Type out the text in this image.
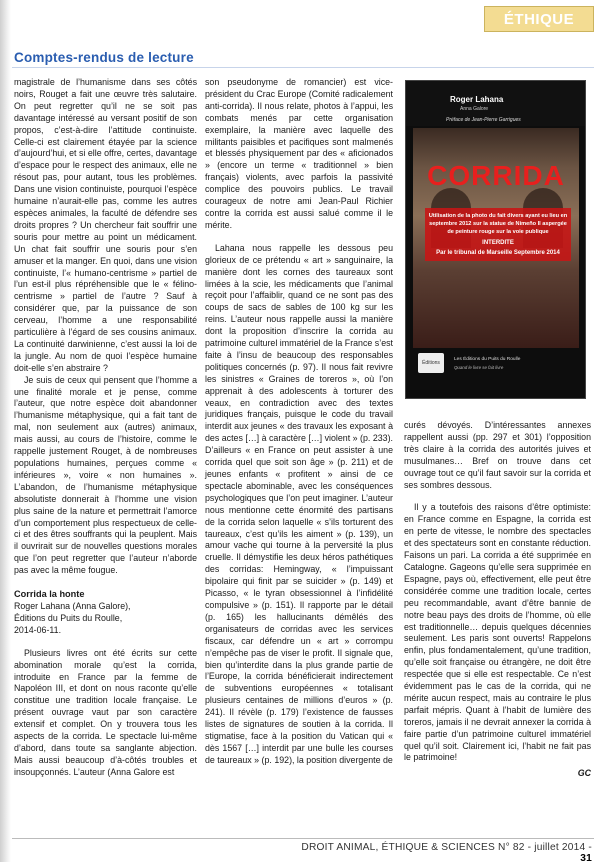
ÉTHIQUE
Comptes-rendus de lecture

magistrale de l’humanisme dans ses côtés noirs, Rouget a fait une œuvre très salutaire. On peut regretter qu’il ne se soit pas davantage intéressé au versant positif de son propos, c’est-à-dire l’attitude continuiste. Celle-ci est clairement étayée par la science d’aujourd’hui, et si elle offre, certes, davantage d’espace pour le respect des animaux, elle ne résout pas, pour autant, tous les problèmes. Dans une vision continuiste, pourquoi l’espèce humaine n’aurait-elle pas, comme les autres espèces animales, la faculté de défendre ses droits propres ? Un chercheur fait souffrir une souris pour mettre au point un médicament. Un chat fait souffrir une souris pour s’en amuser et la manger. En quoi, dans une vision continuiste, l’« humano-centrisme » partiel de l’un est-il plus répréhensible que le « félino-centrisme » partiel de l’autre ? Sauf à considérer que, par la puissance de son cerveau, l’homme a une responsabilité particulière à l’égard de ses cousins animaux. La continuité darwinienne, c’est aussi la loi de la jungle. Au nom de quoi l’espèce humaine doit-elle s’en abstraire ?

Je suis de ceux qui pensent que l’homme a une finalité morale et je pense, comme l’auteur, que notre espèce doit abandonner l’humanisme métaphysique, qui a fait tant de mal, non seulement aux (autres) animaux, mais aussi, au cours de l’histoire, comme le rappelle justement Rouget, à de nombreuses populations humaines, perçues comme « inférieures », voire « non humaines ». L’abandon, de l’humanisme métaphysique absolutiste donnerait à l’homme une vision plus saine de la nature et permettrait l’amorce d’un comportement plus respectueux de celle-ci et des êtres souffrants qui la peuplent. Mais il ouvrirait sur de nouvelles questions morales que l’on peut regretter que l’auteur n’aborde pas avec la même fougue.

Corrida la honte
Roger Lahana (Anna Galore),
Éditions du Puits du Roulle,
2014-06-11.

Plusieurs livres ont été écrits sur cette abomination morale qu’est la corrida, introduite en France par la femme de Napoléon III, et dont on nous raconte qu’elle constitue une tradition locale française. Le présent ouvrage vaut par son caractère extensif et complet. On y trouvera tous les aspects de la corrida. Le spectacle lui-même d’abord, dans toute sa sanglante abjection. Mais aussi beaucoup d’à-côtés troubles et insoupçonnés. L’auteur (Anna Galore est

son pseudonyme de romancier) est vice-président du Crac Europe (Comité radicalement anti-corrida). Il nous relate, photos à l’appui, les combats menés par cette organisation exemplaire, la manière avec laquelle des militants paisibles et pacifiques sont malmenés et blessés physiquement par des « aficionados » (encore un terme « traditionnel » bien français) violents, avec parfois la passivité complice des pouvoirs publics. Le travail courageux de notre ami Jean-Paul Richier contre la corrida est aussi salué comme il le mérite.

Lahana nous rappelle les dessous peu glorieux de ce prétendu « art » sanguinaire, la manière dont les cornes des taureaux sont limées à la scie, les médicaments que l’animal reçoit pour l’affaiblir, quand ce ne sont pas des coups de sacs de sables de 100 kg sur les reins. L’auteur nous rappelle aussi la manière dont la proposition d’inscrire la corrida au patrimoine culturel immatériel de la France s’est faite à l’insu de beaucoup des responsables politiques concernés (p. 97). Il nous fait revivre les sinistres « Graines de toreros », où l’on apprenait à des adolescents à torturer des veaux, en contradiction avec des textes juridiques français, puisque le code du travail interdit aux jeunes « des travaux les exposant à des actes […] à caractère […] violent » (p. 233). D’ailleurs « en France on peut assister à une corrida quel que soit son âge » (p. 211) et de jeunes enfants « profitent » ainsi de ce spectacle abominable, avec les conséquences psychologiques que l’on peut imaginer. L’auteur nous mentionne cette énormité des partisans de la corrida selon laquelle « s’ils torturent des taureaux, c’est qu’ils les aiment » (p. 139), un amour vache qui tourne à la perversité la plus cruelle. Il démystifie les deux héros pathétiques des corridas: Hemingway, « l’impuissant bipolaire qui finit par se suicider » (p. 149) et Picasso, « le tyran obsessionnel à l’infidélité compulsive » (p. 151). Il rapporte par le détail (p. 165) les hallucinants démêlés des organisateurs de corridas avec les services fiscaux, car défendre un « art » corrompu n’empêche pas de viser le profit. Il signale que, bien qu’interdite dans la plus grande partie de l’Europe, la corrida bénéficierait indirectement de subventions européennes « totalisant plusieurs centaines de millions d’euros » (p. 241). Il révèle (p. 179) l’existence de fausses listes de signatures de soutien à la corrida. Il stigmatise, face à la position du Vatican qui « dès 1567 […] interdit par une bulle les courses de taureaux » (p. 192), la position divergente de

Roger Lahana
Anna Galore
Préface de Jean-Pierre Garrigues
CORRIDA
Utilisation de la photo du fait divers ayant eu lieu en septembre 2012 sur la statue de Nimeño II aspergée de peinture rouge sur la voie publique
INTERDITE
Par le tribunal de Marseille Septembre 2014
Éditions
Les Éditions du Puits du Roulle
Quand le livre se fait livre

curés dévoyés. D’intéressantes annexes rappellent aussi (pp. 297 et 301) l’opposition très claire à la corrida des autorités juives et musulmanes… Bref on trouve dans cet ouvrage tout ce qu’il faut savoir sur la corrida et ses sombres dessous.

Il y a toutefois des raisons d’être optimiste: en France comme en Espagne, la corrida est en perte de vitesse, le nombre des spectacles et des spectateurs sont en constante réduction. Faisons un pari. La corrida a été supprimée en Catalogne. Gageons qu’elle sera supprimée en Espagne, pays où, effectivement, elle peut être considérée comme une tradition locale, certes peu recommandable, avant d’être bannie de notre beau pays des droits de l’homme, où elle est traditionnelle… depuis quelques décennies seulement. Les paris sont ouverts! Rappelons enfin, plus fondamentalement, qu’une tradition, qu’elle soit française ou étrangère, ne doit être respectée que si elle est respectable. Ce n’est évidemment pas le cas de la corrida, qui ne mérite aucun respect, mais au contraire le plus parfait mépris. Quant à l’habit de lumière des toreros, jamais il ne devrait annexer la corrida à faire partie d’un patrimoine culturel immatériel quel qu’il soit. Clairement ici, l’habit ne fait pas le patrimoine!

GC
DROIT ANIMAL, ÉTHIQUE & SCIENCES N° 82 - juillet 2014 - 31
